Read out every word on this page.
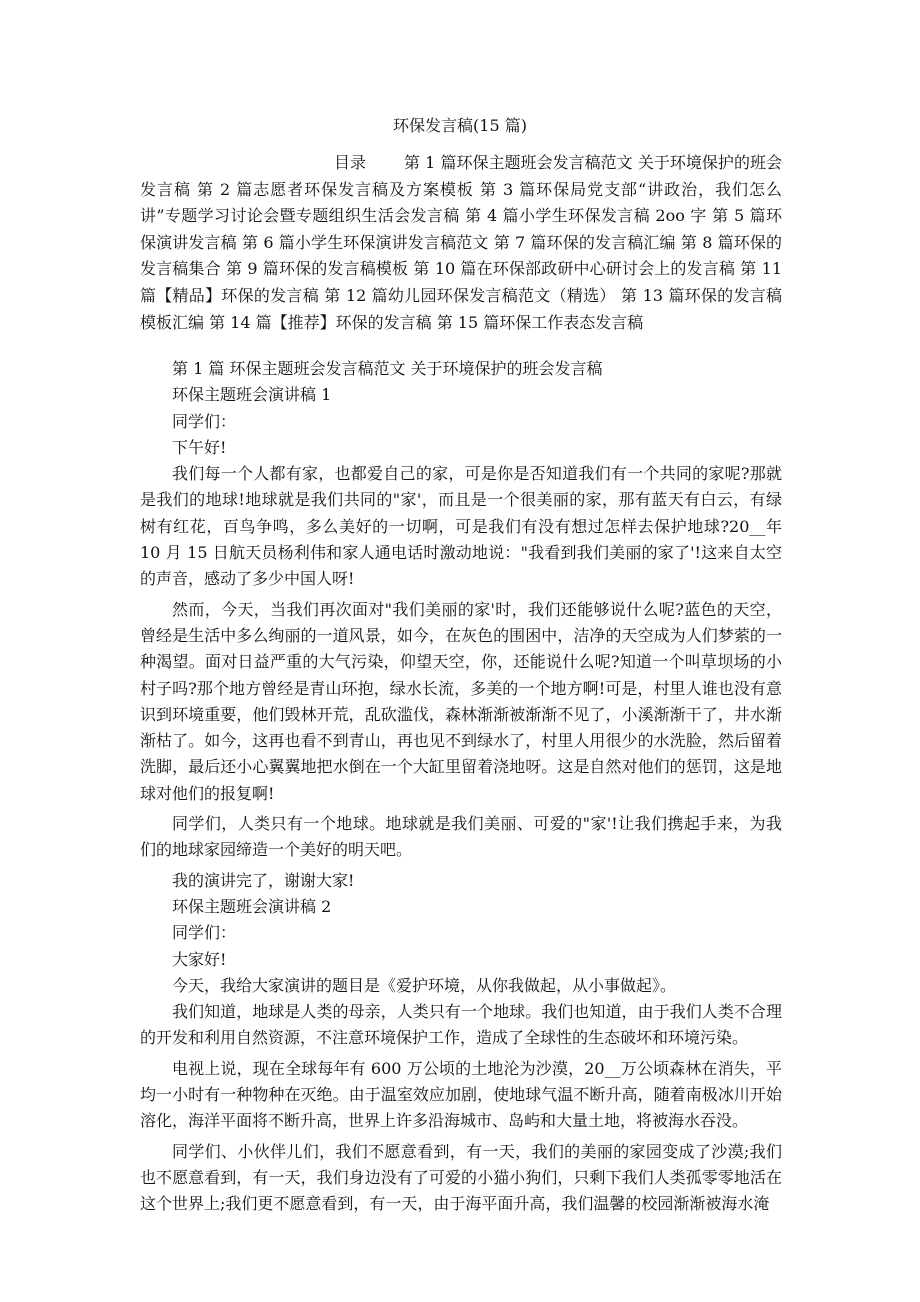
环保发言稿(15 篇)
目录 第 1 篇环保主题班会发言稿范文 关于环境保护的班会发言稿 第 2 篇志愿者环保发言稿及方案模板 第 3 篇环保局党支部“讲政治，我们怎么讲”专题学习讨论会暨专题组织生活会发言稿 第 4 篇小学生环保发言稿 2oo 字 第 5 篇环保演讲发言稿 第 6 篇小学生环保演讲发言稿范文 第 7 篇环保的发言稿汇编 第 8 篇环保的发言稿集合 第 9 篇环保的发言稿模板 第 10 篇在环保部政研中心研讨会上的发言稿 第 11 篇【精品】环保的发言稿 第 12 篇幼儿园环保发言稿范文（精选） 第 13 篇环保的发言稿模板汇编 第 14 篇【推荐】环保的发言稿 第 15 篇环保工作表态发言稿

第 1 篇 环保主题班会发言稿范文 关于环境保护的班会发言稿

环保主题班会演讲稿 1

同学们：

下午好!

我们每一个人都有家，也都爱自己的家，可是你是否知道我们有一个共同的家呢?那就是我们的地球!地球就是我们共同的"家'，而且是一个很美丽的家，那有蓝天有白云，有绿树有红花，百鸟争鸣，多么美好的一切啊，可是我们有没有想过怎样去保护地球?20__年 10 月 15 日航天员杨利伟和家人通电话时激动地说："我看到我们美丽的家了'!这来自太空的声音，感动了多少中国人呀!

然而，今天，当我们再次面对"我们美丽的家'时，我们还能够说什么呢?蓝色的天空，曾经是生活中多么绚丽的一道风景，如今，在灰色的围困中，洁净的天空成为人们梦萦的一种渴望。面对日益严重的大气污染，仰望天空，你，还能说什么呢?知道一个叫草坝场的小村子吗?那个地方曾经是青山环抱，绿水长流，多美的一个地方啊!可是，村里人谁也没有意识到环境重要，他们毁林开荒，乱砍滥伐，森林渐渐被渐渐不见了，小溪渐渐干了，井水渐渐枯了。如今，这再也看不到青山，再也见不到绿水了，村里人用很少的水洗脸，然后留着洗脚，最后还小心翼翼地把水倒在一个大缸里留着浇地呀。这是自然对他们的惩罚，这是地球对他们的报复啊!

同学们，人类只有一个地球。地球就是我们美丽、可爱的"家'!让我们携起手来，为我们的地球家园缔造一个美好的明天吧。

我的演讲完了，谢谢大家!

环保主题班会演讲稿 2

同学们：

大家好!

今天，我给大家演讲的题目是《爱护环境，从你我做起，从小事做起》。

我们知道，地球是人类的母亲，人类只有一个地球。我们也知道，由于我们人类不合理的开发和利用自然资源，不注意环境保护工作，造成了全球性的生态破坏和环境污染。

电视上说，现在全球每年有 600 万公顷的土地沦为沙漠，20__万公顷森林在消失，平均一小时有一种物种在灭绝。由于温室效应加剧，使地球气温不断升高，随着南极冰川开始溶化，海洋平面将不断升高，世界上许多沿海城市、岛屿和大量土地，将被海水吞没。

同学们、小伙伴儿们，我们不愿意看到，有一天，我们的美丽的家园变成了沙漠;我们也不愿意看到，有一天，我们身边没有了可爱的小猫小狗们，只剩下我们人类孤零零地活在这个世界上;我们更不愿意看到，有一天，由于海平面升高，我们温馨的校园渐渐被海水淹
